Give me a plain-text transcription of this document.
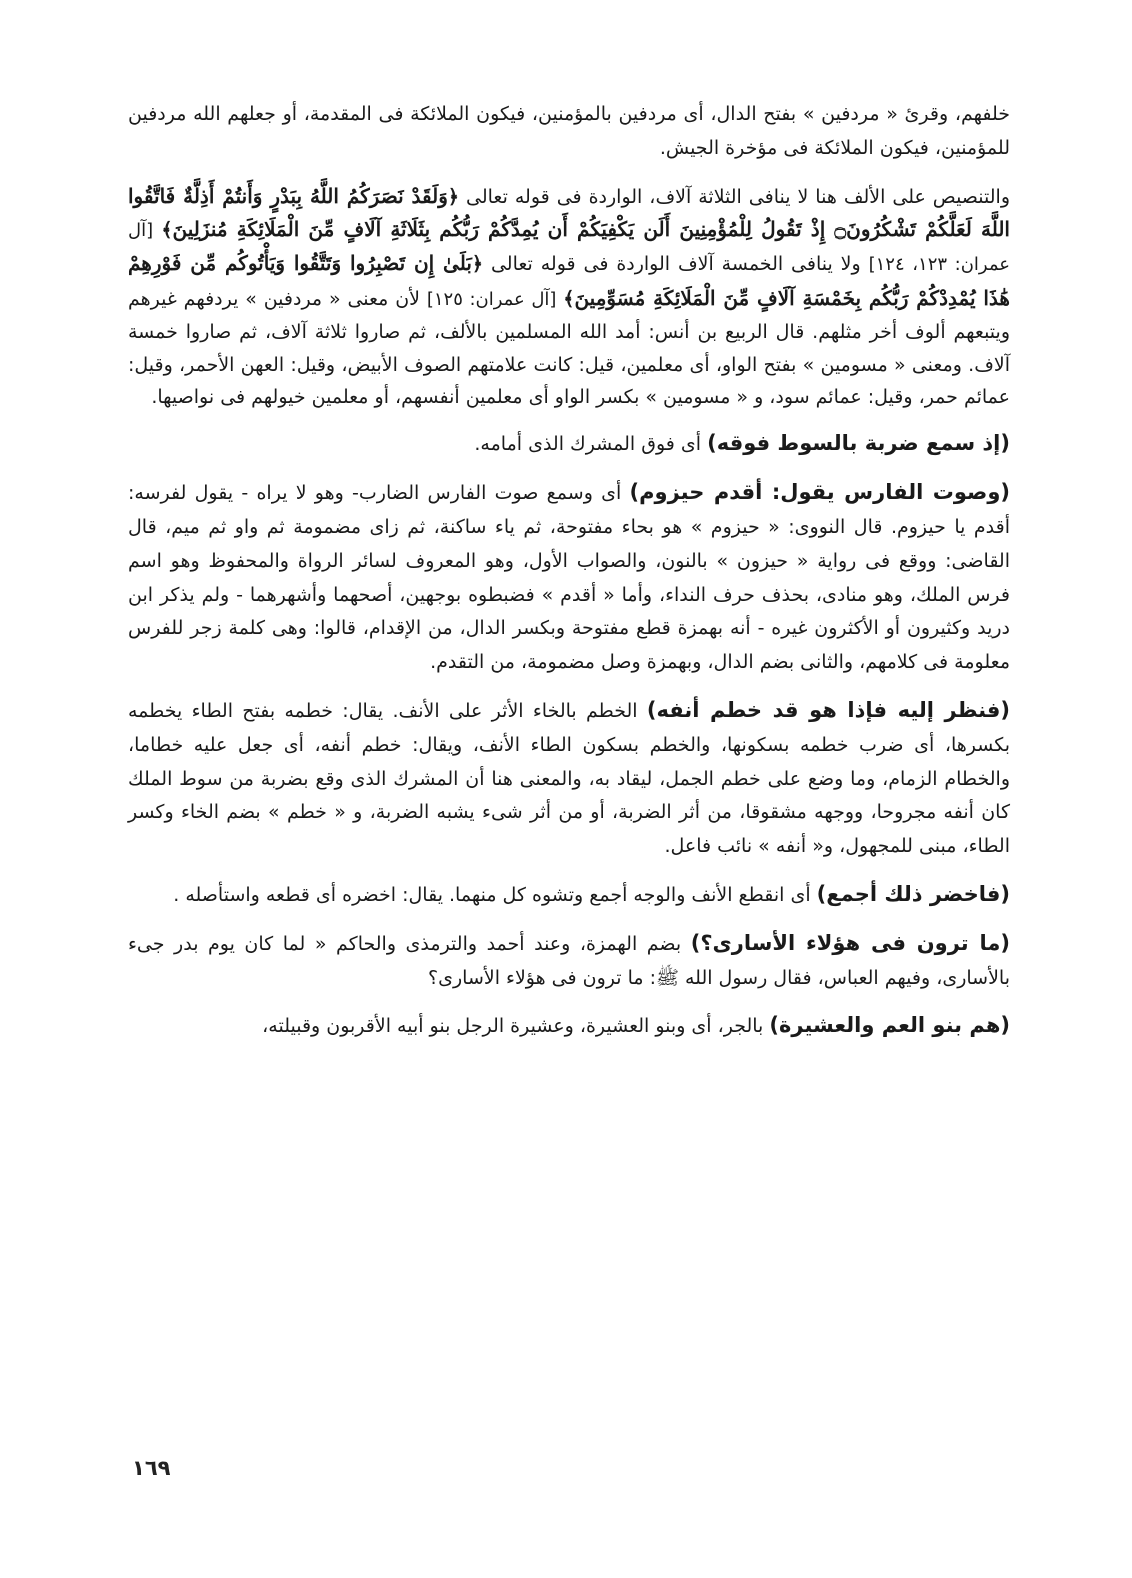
خلفهم، وقرئ « مردفين » بفتح الدال، أى مردفين بالمؤمنين، فيكون الملائكة فى المقدمة، أو جعلهم الله مردفين للمؤمنين، فيكون الملائكة فى مؤخرة الجيش.

والتنصيص على الألف هنا لا ينافى الثلاثة آلاف، الواردة فى قوله تعالى ﴿وَلَقَدْ نَصَرَكُمُ اللَّهُ بِبَدْرٍ وَأَنتُمْ أَذِلَّةٌ فَاتَّقُوا اللَّهَ لَعَلَّكُمْ تَشْكُرُونَ۝ إِذْ تَقُولُ لِلْمُؤْمِنِينَ أَلَن يَكْفِيَكُمْ أَن يُمِدَّكُمْ رَبُّكُم بِثَلَاثَةِ آلَافٍ مِّنَ الْمَلَائِكَةِ مُنزَلِينَ﴾ [آل عمران: ١٢٣، ١٢٤] ولا ينافى الخمسة آلاف الواردة فى قوله تعالى ﴿بَلَىٰ إِن تَصْبِرُوا وَتَتَّقُوا وَيَأْتُوكُم مِّن فَوْرِهِمْ هَٰذَا يُمْدِدْكُمْ رَبُّكُم بِخَمْسَةِ آلَافٍ مِّنَ الْمَلَائِكَةِ مُسَوِّمِينَ﴾ [آل عمران: ١٢٥] لأن معنى « مردفين » يردفهم غيرهم ويتبعهم ألوف أخر مثلهم. قال الربيع بن أنس: أمد الله المسلمين بالألف، ثم صاروا ثلاثة آلاف، ثم صاروا خمسة آلاف. ومعنى « مسومين » بفتح الواو، أى معلمين، قيل: كانت علامتهم الصوف الأبيض، وقيل: العهن الأحمر، وقيل: عمائم حمر، وقيل: عمائم سود، و « مسومين » بكسر الواو أى معلمين أنفسهم، أو معلمين خيولهم فى نواصيها.

(إذ سمع ضربة بالسوط فوقه) أى فوق المشرك الذى أمامه.

(وصوت الفارس يقول: أقدم حيزوم) أى وسمع صوت الفارس الضارب- وهو لا يراه - يقول لفرسه: أقدم يا حيزوم. قال النووى: « حيزوم » هو بحاء مفتوحة، ثم ياء ساكنة، ثم زاى مضمومة ثم واو ثم ميم، قال القاضى: ووقع فى رواية « حيزون » بالنون، والصواب الأول، وهو المعروف لسائر الرواة والمحفوظ وهو اسم فرس الملك، وهو منادى، بحذف حرف النداء، وأما « أقدم » فضبطوه بوجهين، أصحهما وأشهرهما - ولم يذكر ابن دريد وكثيرون أو الأكثرون غيره - أنه بهمزة قطع مفتوحة وبكسر الدال، من الإقدام، قالوا: وهى كلمة زجر للفرس معلومة فى كلامهم، والثانى بضم الدال، وبهمزة وصل مضمومة، من التقدم.

(فنظر إليه فإذا هو قد خطم أنفه) الخطم بالخاء الأثر على الأنف. يقال: خطمه بفتح الطاء يخطمه بكسرها، أى ضرب خطمه بسكونها، والخطم بسكون الطاء الأنف، ويقال: خطم أنفه، أى جعل عليه خطاما، والخطام الزمام، وما وضع على خطم الجمل، ليقاد به، والمعنى هنا أن المشرك الذى وقع بضربة من سوط الملك كان أنفه مجروحا، ووجهه مشقوقا، من أثر الضربة، أو من أثر شىء يشبه الضربة، و « خطم » بضم الخاء وكسر الطاء، مبنى للمجهول، و« أنفه » نائب فاعل.

(فاخضر ذلك أجمع) أى انقطع الأنف والوجه أجمع وتشوه كل منهما. يقال: اخضره أى قطعه واستأصله .

(ما ترون فى هؤلاء الأسارى؟) بضم الهمزة، وعند أحمد والترمذى والحاكم « لما كان يوم بدر جىء بالأسارى، وفيهم العباس، فقال رسول الله ﷺ: ما ترون فى هؤلاء الأسارى؟

(هم بنو العم والعشيرة) بالجر، أى وبنو العشيرة، وعشيرة الرجل بنو أبيه الأقربون وقبيلته،

١٦٩
